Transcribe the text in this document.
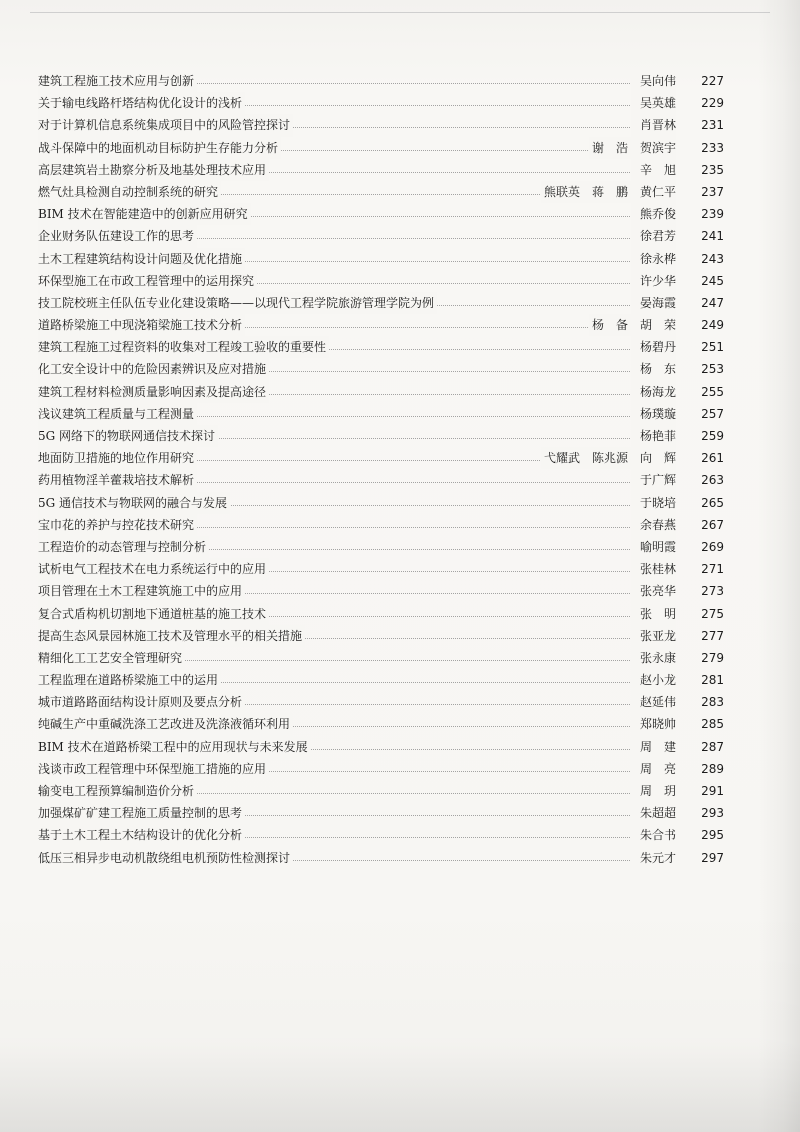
建筑工程施工技术应用与创新	吴向伟	227
关于输电线路杆塔结构优化设计的浅析	吴英雄	229
对于计算机信息系统集成项目中的风险管控探讨	肖晋林	231
战斗保障中的地面机动目标防护生存能力分析	谢　浩　贺滨宇	233
高层建筑岩土勘察分析及地基处理技术应用	辛　旭	235
燃气灶具检测自动控制系统的研究	熊联英　蒋　鹏　黄仁平	237
BIM 技术在智能建造中的创新应用研究	熊乔俊	239
企业财务队伍建设工作的思考	徐君芳	241
土木工程建筑结构设计问题及优化措施	徐永桦	243
环保型施工在市政工程管理中的运用探究	许少华	245
技工院校班主任队伍专业化建设策略——以现代工程学院旅游管理学院为例	晏海霞	247
道路桥梁施工中现浇箱梁施工技术分析	杨　备　胡　荣	249
建筑工程施工过程资料的收集对工程竣工验收的重要性	杨碧丹	251
化工安全设计中的危险因素辨识及应对措施	杨　东	253
建筑工程材料检测质量影响因素及提高途径	杨海龙	255
浅议建筑工程质量与工程测量	杨璞璇	257
5G 网络下的物联网通信技术探讨	杨艳菲	259
地面防卫措施的地位作用研究	弋耀武　陈兆源　向　辉	261
药用植物淫羊藿栽培技术解析	于广辉	263
5G 通信技术与物联网的融合与发展	于晓培	265
宝巾花的养护与控花技术研究	余春燕	267
工程造价的动态管理与控制分析	喻明霞	269
试析电气工程技术在电力系统运行中的应用	张桂林	271
项目管理在土木工程建筑施工中的应用	张亮华	273
复合式盾构机切割地下通道桩基的施工技术	张　明	275
提高生态风景园林施工技术及管理水平的相关措施	张亚龙	277
精细化工工艺安全管理研究	张永康	279
工程监理在道路桥梁施工中的运用	赵小龙	281
城市道路路面结构设计原则及要点分析	赵延伟	283
纯碱生产中重碱洗涤工艺改进及洗涤液循环利用	郑晓帅	285
BIM 技术在道路桥梁工程中的应用现状与未来发展	周　建	287
浅谈市政工程管理中环保型施工措施的应用	周　亮	289
输变电工程预算编制造价分析	周　玥	291
加强煤矿矿建工程施工质量控制的思考	朱超超	293
基于土木工程土木结构设计的优化分析	朱合书	295
低压三相异步电动机散绕组电机预防性检测探讨	朱元才	297
